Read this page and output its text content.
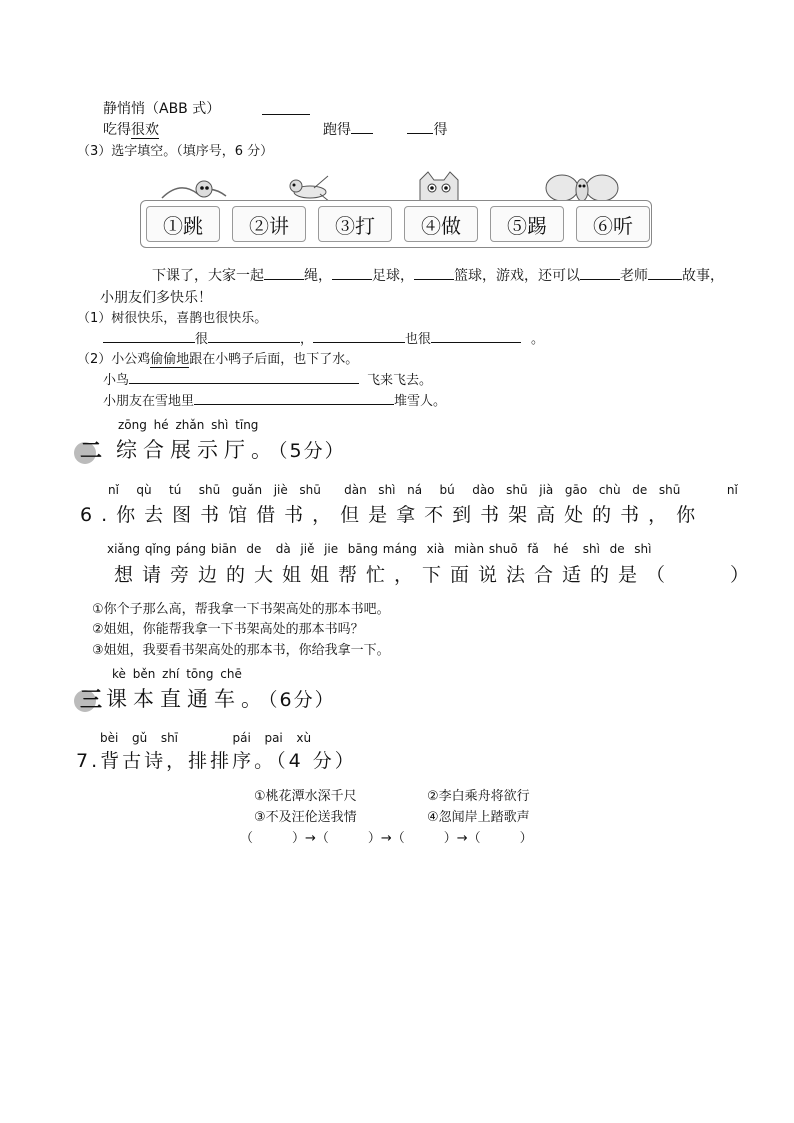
静悄悄（ABB 式）
吃得很欢	跑得	得
（3）选字填空。（填序号，6 分）
①跳	②讲	③打	④做	⑤踢	⑥听
下课了，大家一起	绳，	足球，	篮球，游戏，还可以	老师 故事，
小朋友们多快乐！
（1）树很快乐，喜鹊也很快乐。
很	，	也很	。
（2）小公鸡偷偷地跟在小鸭子后面，也下了水。
小鸟	飞来飞去。
小朋友在雪地里	堆雪人。
zōng hé zhǎn shì tīng
二 综合展示厅。（5分）
nǐ   qù   tú   shū  guǎn  jiè  shū    dàn  shì  ná   bú   dào  shū  jià  gāo  chù  de  shū        nǐ
6.你去图书馆借书，但是拿不到书架高处的书，你
xiǎng qǐng páng biān  de   dà  jiě  jie  bāng máng  xià  miàn shuō  fǎ   hé   shì  de  shì
想请旁边的大姐姐帮忙，下面说法合适的是（　　）
①你个子那么高，帮我拿一下书架高处的那本书吧。
②姐姐，你能帮我拿一下书架高处的那本书吗？
③姐姐，我要看书架高处的那本书，你给我拿一下。
kè běn zhí tōng chē
三 课本直通车。（6分）
bèi  gǔ  shī        pái  pai  xù
7.背古诗，排排序。（4 分）
①桃花潭水深千尺	②李白乘舟将欲行
③不及汪伦送我情	④忽闻岸上踏歌声
（　　　）→（　　　）→（　　　）→（　　　）
